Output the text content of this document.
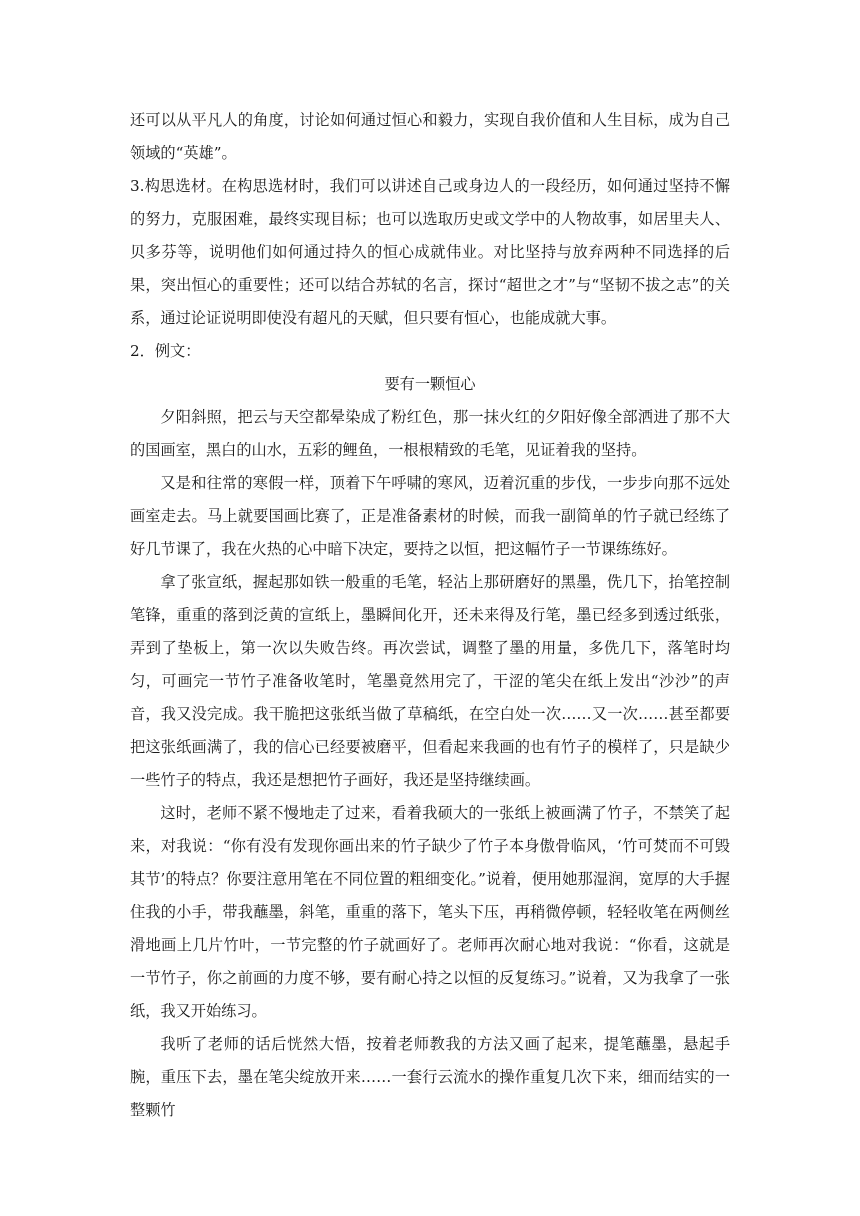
还可以从平凡人的角度，讨论如何通过恒心和毅力，实现自我价值和人生目标，成为自己领域的“英雄”。

3.构思选材。在构思选材时，我们可以讲述自己或身边人的一段经历，如何通过坚持不懈的努力，克服困难，最终实现目标；也可以选取历史或文学中的人物故事，如居里夫人、贝多芬等，说明他们如何通过持久的恒心成就伟业。对比坚持与放弃两种不同选择的后果，突出恒心的重要性；还可以结合苏轼的名言，探讨“超世之才”与“坚韧不拔之志”的关系，通过论证说明即使没有超凡的天赋，但只要有恒心，也能成就大事。

2．例文：

要有一颗恒心

夕阳斜照，把云与天空都晕染成了粉红色，那一抹火红的夕阳好像全部洒进了那不大的国画室，黑白的山水，五彩的鲤鱼，一根根精致的毛笔，见证着我的坚持。

又是和往常的寒假一样，顶着下午呼啸的寒风，迈着沉重的步伐，一步步向那不远处画室走去。马上就要国画比赛了，正是准备素材的时候，而我一副简单的竹子就已经练了好几节课了，我在火热的心中暗下决定，要持之以恒，把这幅竹子一节课练练好。

拿了张宣纸，握起那如铁一般重的毛笔，轻沾上那研磨好的黑墨，侁几下，抬笔控制笔锋，重重的落到泛黄的宣纸上，墨瞬间化开，还未来得及行笔，墨已经多到透过纸张，弄到了垫板上，第一次以失败告终。再次尝试，调整了墨的用量，多侁几下，落笔时均匀，可画完一节竹子准备收笔时，笔墨竟然用完了，干涩的笔尖在纸上发出“沙沙”的声音，我又没完成。我干脆把这张纸当做了草稿纸，在空白处一次……又一次……甚至都要把这张纸画满了，我的信心已经要被磨平，但看起来我画的也有竹子的模样了，只是缺少一些竹子的特点，我还是想把竹子画好，我还是坚持继续画。

这时，老师不紧不慢地走了过来，看着我硕大的一张纸上被画满了竹子，不禁笑了起来，对我说：“你有没有发现你画出来的竹子缺少了竹子本身傲骨临风，‘竹可焚而不可毁其节’的特点？你要注意用笔在不同位置的粗细变化。”说着，便用她那湿润，宽厚的大手握住我的小手，带我蘸墨，斜笔，重重的落下，笔头下压，再稍微停顿，轻轻收笔在两侧丝滑地画上几片竹叶，一节完整的竹子就画好了。老师再次耐心地对我说：“你看，这就是一节竹子，你之前画的力度不够，要有耐心持之以恒的反复练习。”说着，又为我拿了一张纸，我又开始练习。

我听了老师的话后恍然大悟，按着老师教我的方法又画了起来，提笔蘸墨，悬起手腕，重压下去，墨在笔尖绽放开来……一套行云流水的操作重复几次下来，细而结实的一整颗竹
